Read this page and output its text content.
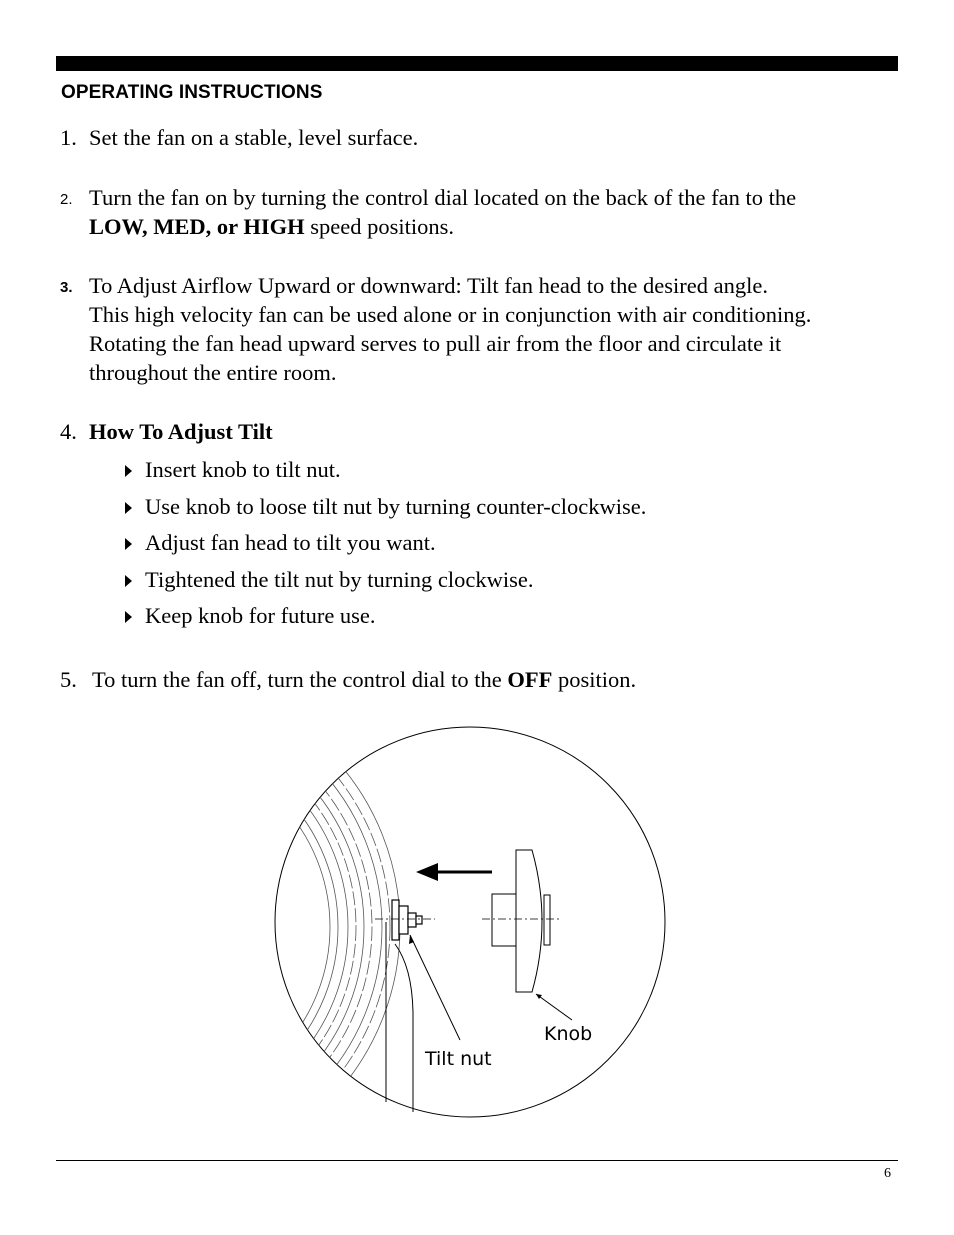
OPERATING INSTRUCTIONS
1. Set the fan on a stable, level surface.
2. Turn the fan on by turning the control dial located on the back of the fan to the
LOW, MED, or HIGH speed positions.
3. To Adjust Airflow Upward or downward: Tilt fan head to the desired angle.
This high velocity fan can be used alone or in conjunction with air conditioning.
Rotating the fan head upward serves to pull air from the floor and circulate it
throughout the entire room.
4. How To Adjust Tilt
Insert knob to tilt nut.
Use knob to loose tilt nut by turning counter-clockwise.
Adjust fan head to tilt you want.
Tightened the tilt nut by turning clockwise.
Keep knob for future use.
5. To turn the fan off, turn the control dial to the OFF position.
Knob
Tilt nut
6
